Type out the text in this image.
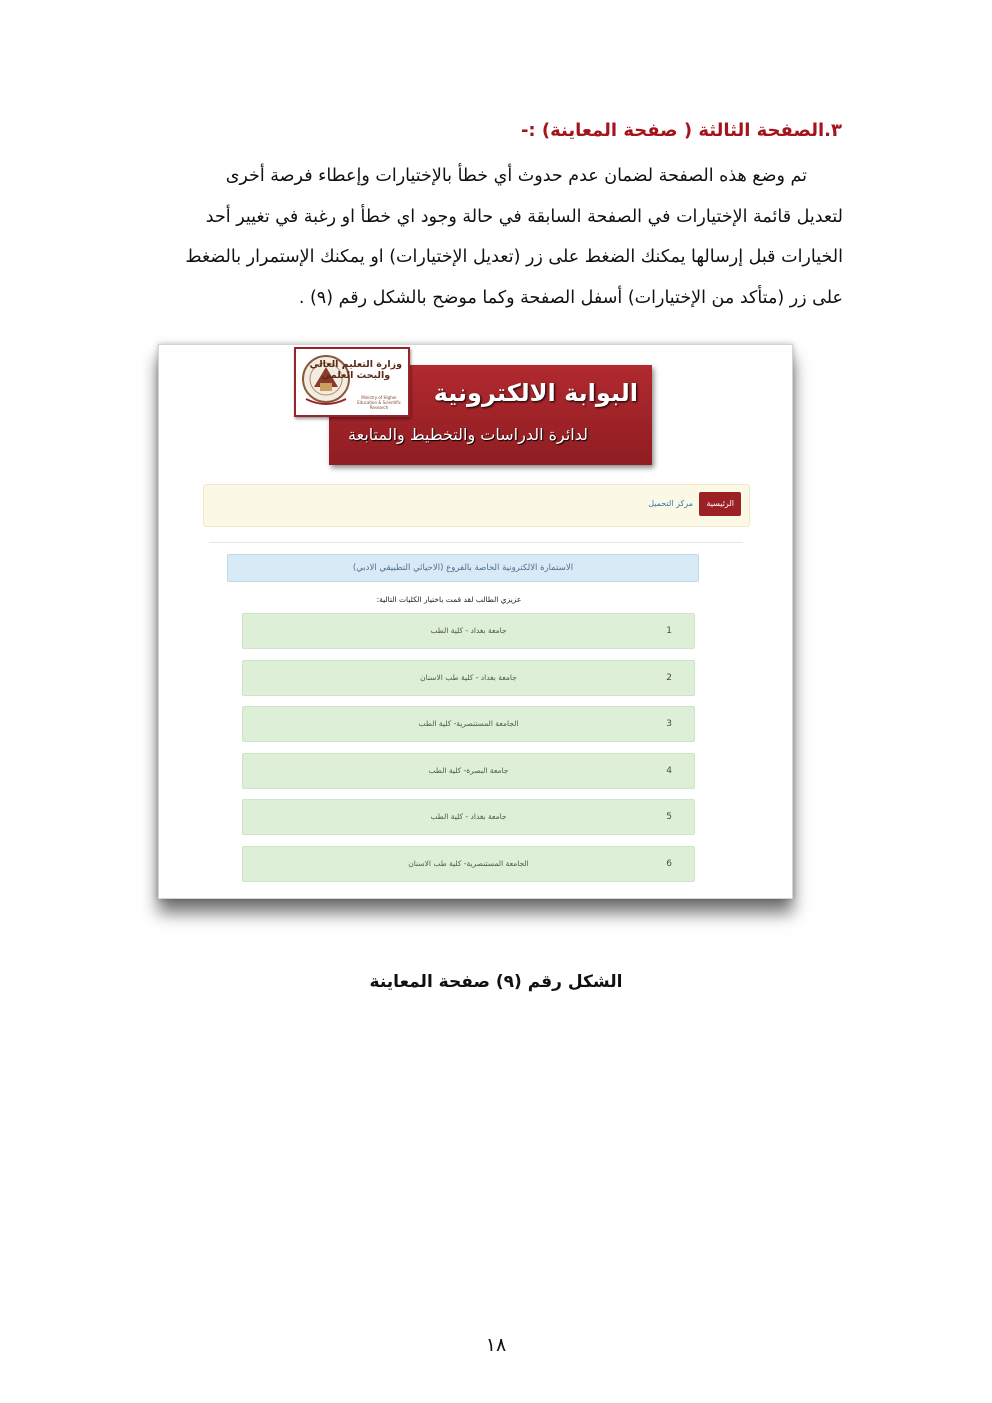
٣.الصفحة الثالثة ( صفحة المعاينة) :-

تم وضع هذه الصفحة لضمان عدم حدوث أي خطأ بالإختيارات وإعطاء فرصة أخرى

لتعديل قائمة الإختيارات في الصفحة السابقة في حالة وجود اي خطأ او رغبة في تغيير أحد

الخيارات قبل إرسالها يمكنك الضغط على زر (تعديل الإختيارات) او يمكنك الإستمرار بالضغط

على زر (متأكد من الإختيارات) أسفل الصفحة وكما موضح بالشكل رقم (٩) .

البوابة الالكترونية
لدائرة الدراسات والتخطيط والمتابعة
وزارة التعليم العالي
والبحث العلمي
Ministry of Higher Education & Scientific Research
الرئيسية
مركز التحميل
الاستمارة الالكترونية الخاصة بالفروع (الاحيائي التطبيقي الادبي)
عزيزي الطالب لقد قمت باختيار الكليات التالية:
1
جامعة بغداد - كلية الطب
2
جامعة بغداد - كلية طب الاسنان
3
الجامعة المستنصرية- كلية الطب
4
جامعة البصرة- كلية الطب
5
جامعة بغداد - كلية الطب
6
الجامعة المستنصرية- كلية طب الاسنان
الشكل رقم (٩) صفحة المعاينة
١٨
